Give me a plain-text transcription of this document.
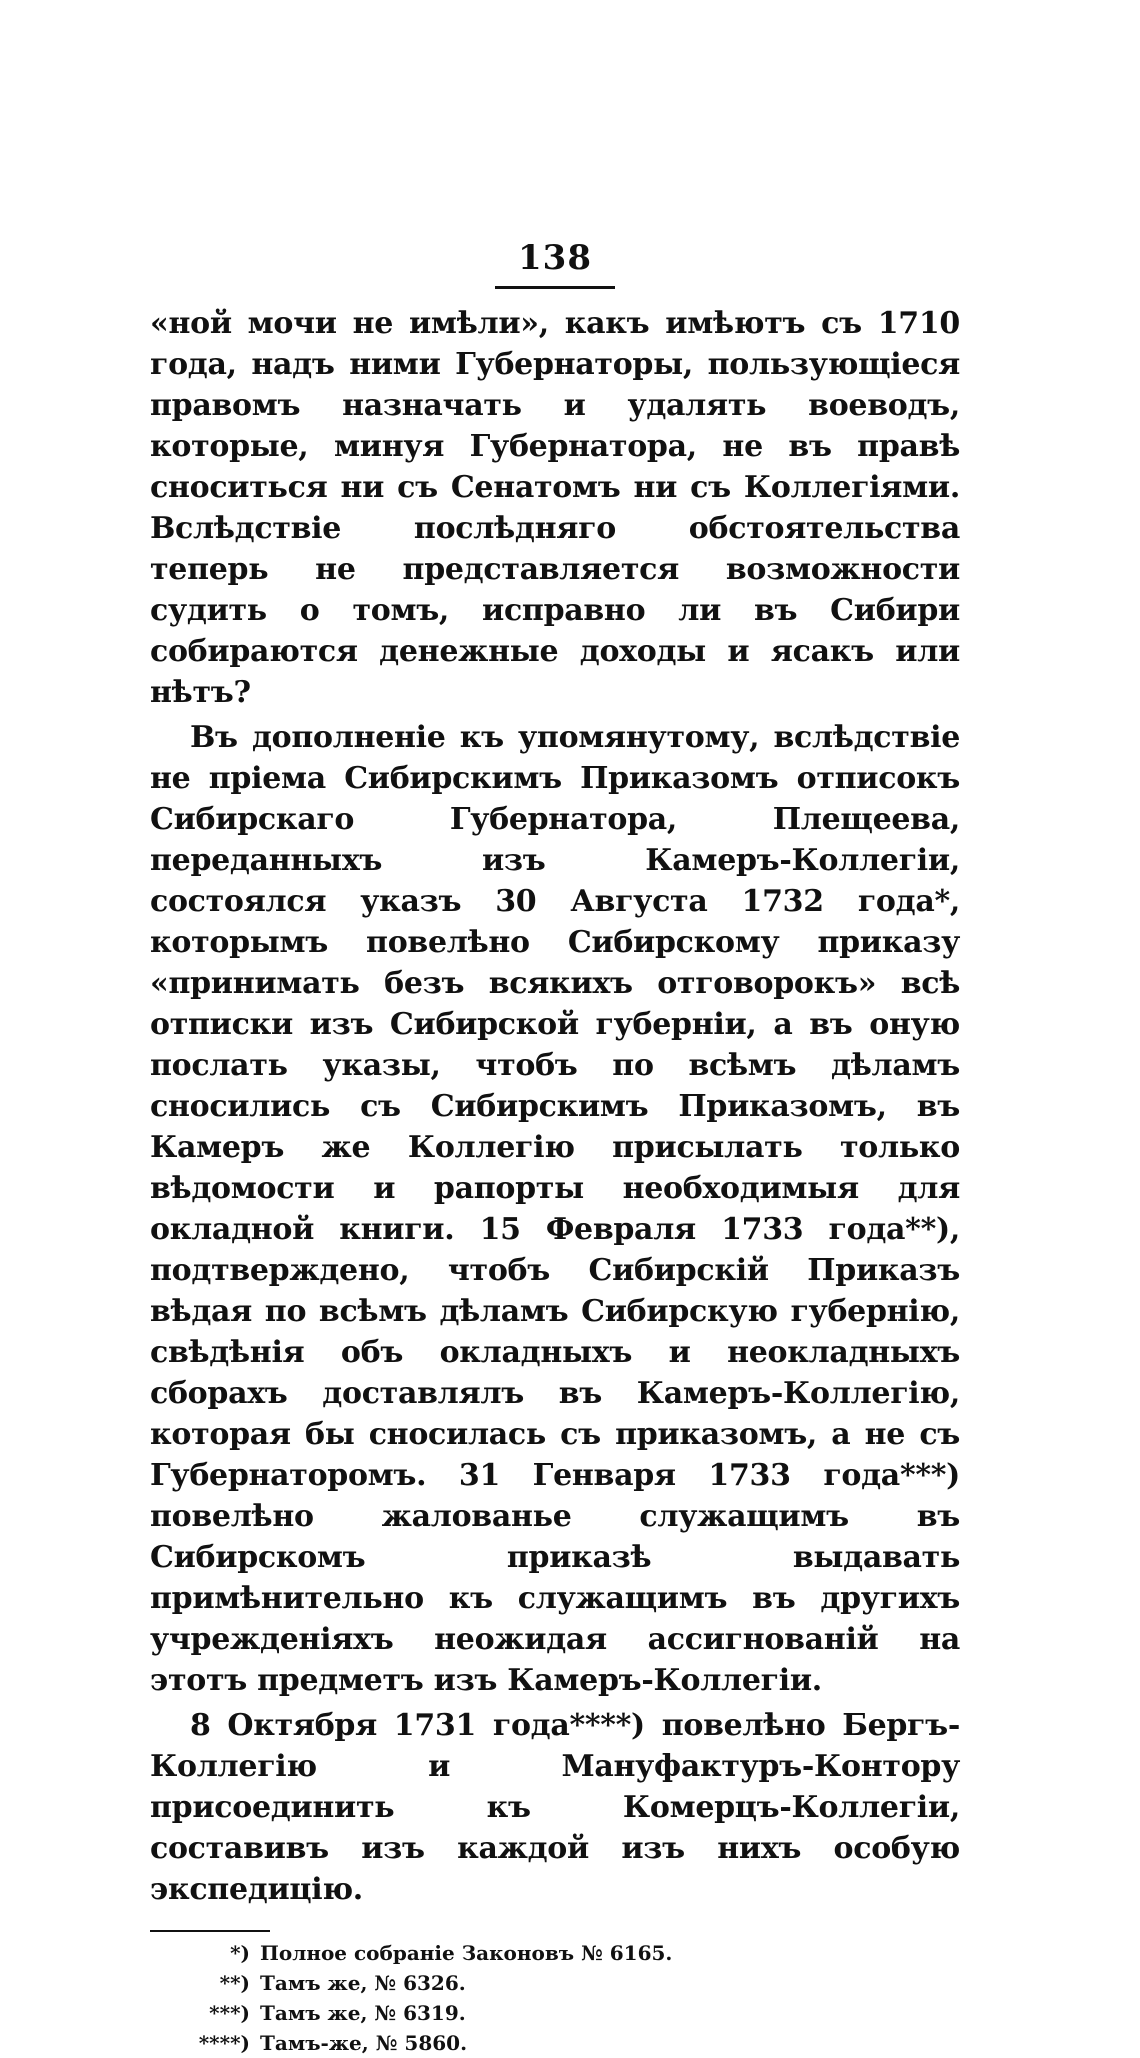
138

«ной мочи не имѣли», какъ имѣютъ съ 1710 года, надъ ними Губернаторы, пользующіеся правомъ назначать и удалять воеводъ, которые, минуя Губернатора, не въ правѣ сноситься ни съ Сенатомъ ни съ Коллегіями. Вслѣдствіе послѣдняго обстоятельства теперь не представляется возможности судить о томъ, исправно ли въ Сибири собираются денежные доходы и ясакъ или нѣтъ?

Въ дополненіе къ упомянутому, вслѣдствіе не пріема Сибирскимъ Приказомъ отписокъ Сибирскаго Губернатора, Плещеева, переданныхъ изъ Камеръ-Коллегіи, состоялся указъ 30 Августа 1732 года*, которымъ повелѣно Сибирскому приказу «принимать безъ всякихъ отговорокъ» всѣ отписки изъ Сибирской губерніи, а въ оную послать указы, чтобъ по всѣмъ дѣламъ сносились съ Сибирскимъ Приказомъ, въ Камеръ же Коллегію присылать только вѣдомости и рапорты необходимыя для окладной книги. 15 Февраля 1733 года**), подтверждено, чтобъ Сибирскій Приказъ вѣдая по всѣмъ дѣламъ Сибирскую губернію, свѣдѣнія объ окладныхъ и неокладныхъ сборахъ доставлялъ въ Камеръ-Коллегію, которая бы сносилась съ приказомъ, а не съ Губернаторомъ. 31 Генваря 1733 года***) повелѣно жалованье служащимъ въ Сибирскомъ приказѣ выдавать примѣнительно къ служащимъ въ другихъ учрежденіяхъ неожидая ассигнованій на этотъ предметъ изъ Камеръ-Коллегіи.

8 Октября 1731 года****) повелѣно Бергъ-Коллегію и Мануфактуръ-Контору присоединить къ Комерцъ-Коллегіи, составивъ изъ каждой изъ нихъ особую экспедицію.

*) Полное собраніе Законовъ № 6165.
**) Тамъ же, № 6326.
***) Тамъ же, № 6319.
****) Тамъ-же, № 5860.
